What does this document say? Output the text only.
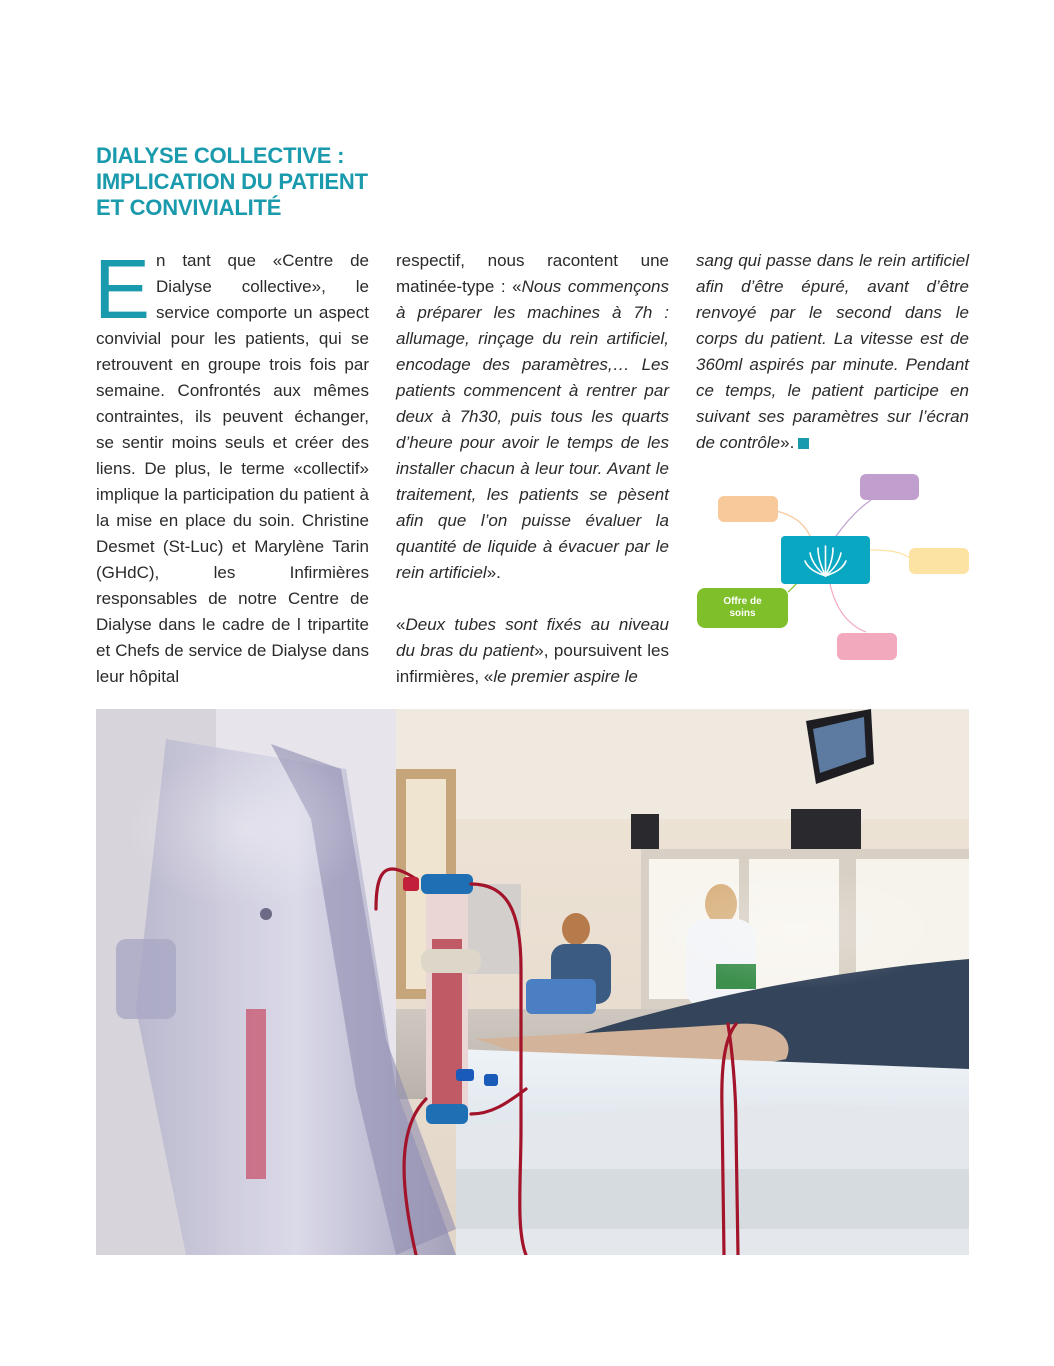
DIALYSE COLLECTIVE :
IMPLICATION DU PATIENT
ET CONVIVIALITÉ
E n tant que «Centre de Dialyse collective», le service comporte un aspect convivial pour les patients, qui se retrouvent en groupe trois fois par semaine. Confrontés aux mêmes contraintes, ils peuvent échanger, se sentir moins seuls et créer des liens. De plus, le terme «collectif» implique la participation du patient à la mise en place du soin. Christine Desmet (St-Luc) et Marylène Tarin (GHdC), les Infirmières responsables de notre Centre de Dialyse dans le cadre de l tripartite et Chefs de service de Dialyse dans leur hôpital
respectif, nous racontent une matinée-type : «Nous commençons à préparer les machines à 7h : allumage, rinçage du rein artificiel, encodage des paramètres,… Les patients commencent à rentrer par deux à 7h30, puis tous les quarts d’heure pour avoir le temps de les installer chacun à leur tour. Avant le traitement, les patients se pèsent afin que l’on puisse évaluer la quantité de liquide à évacuer par le rein artificiel».
«Deux tubes sont fixés au niveau du bras du patient», poursuivent les infirmières, «le premier aspire le
sang qui passe dans le rein artificiel afin d’être épuré, avant d’être renvoyé par le second dans le corps du patient. La vitesse est de 360ml aspirés par minute. Pendant ce temps, le patient participe en suivant ses paramètres sur l’écran de contrôle».
Offre de
soins
